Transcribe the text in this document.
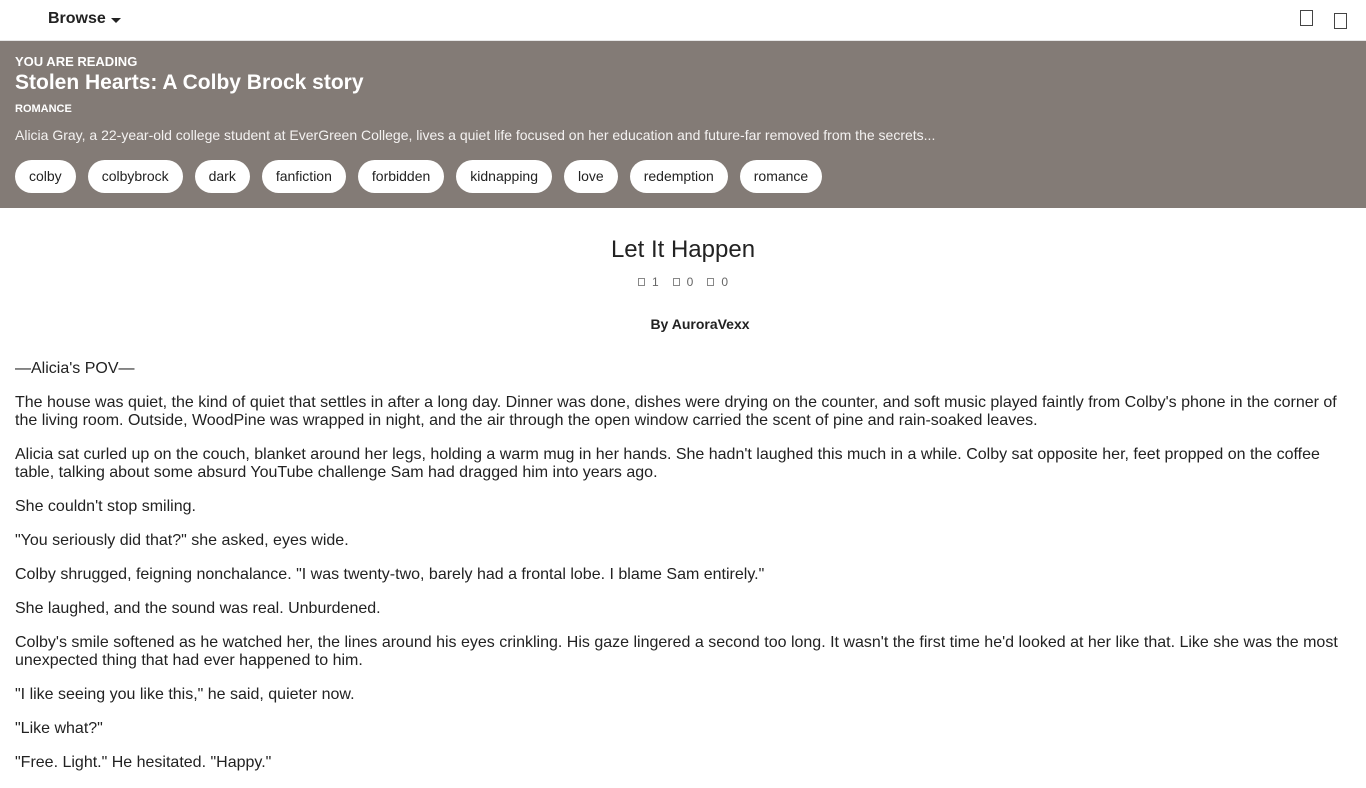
Browse
YOU ARE READING
Stolen Hearts: A Colby Brock story
ROMANCE
Alicia Gray, a 22-year-old college student at EverGreen College, lives a quiet life focused on her education and future-far removed from the secrets...
colby	colbybrock	dark	fanfiction	forbidden	kidnapping	love	redemption	romance
Let It Happen
1 0 0
By AuroraVexx

—Alicia's POV—

The house was quiet, the kind of quiet that settles in after a long day. Dinner was done, dishes were drying on the counter, and soft music played faintly from Colby's phone in the corner of the living room. Outside, WoodPine was wrapped in night, and the air through the open window carried the scent of pine and rain-soaked leaves.

Alicia sat curled up on the couch, blanket around her legs, holding a warm mug in her hands. She hadn't laughed this much in a while. Colby sat opposite her, feet propped on the coffee table, talking about some absurd YouTube challenge Sam had dragged him into years ago.

She couldn't stop smiling.

"You seriously did that?" she asked, eyes wide.

Colby shrugged, feigning nonchalance. "I was twenty-two, barely had a frontal lobe. I blame Sam entirely."

She laughed, and the sound was real. Unburdened.

Colby's smile softened as he watched her, the lines around his eyes crinkling. His gaze lingered a second too long. It wasn't the first time he'd looked at her like that. Like she was the most unexpected thing that had ever happened to him.

"I like seeing you like this," he said, quieter now.

"Like what?"

"Free. Light." He hesitated. "Happy."
